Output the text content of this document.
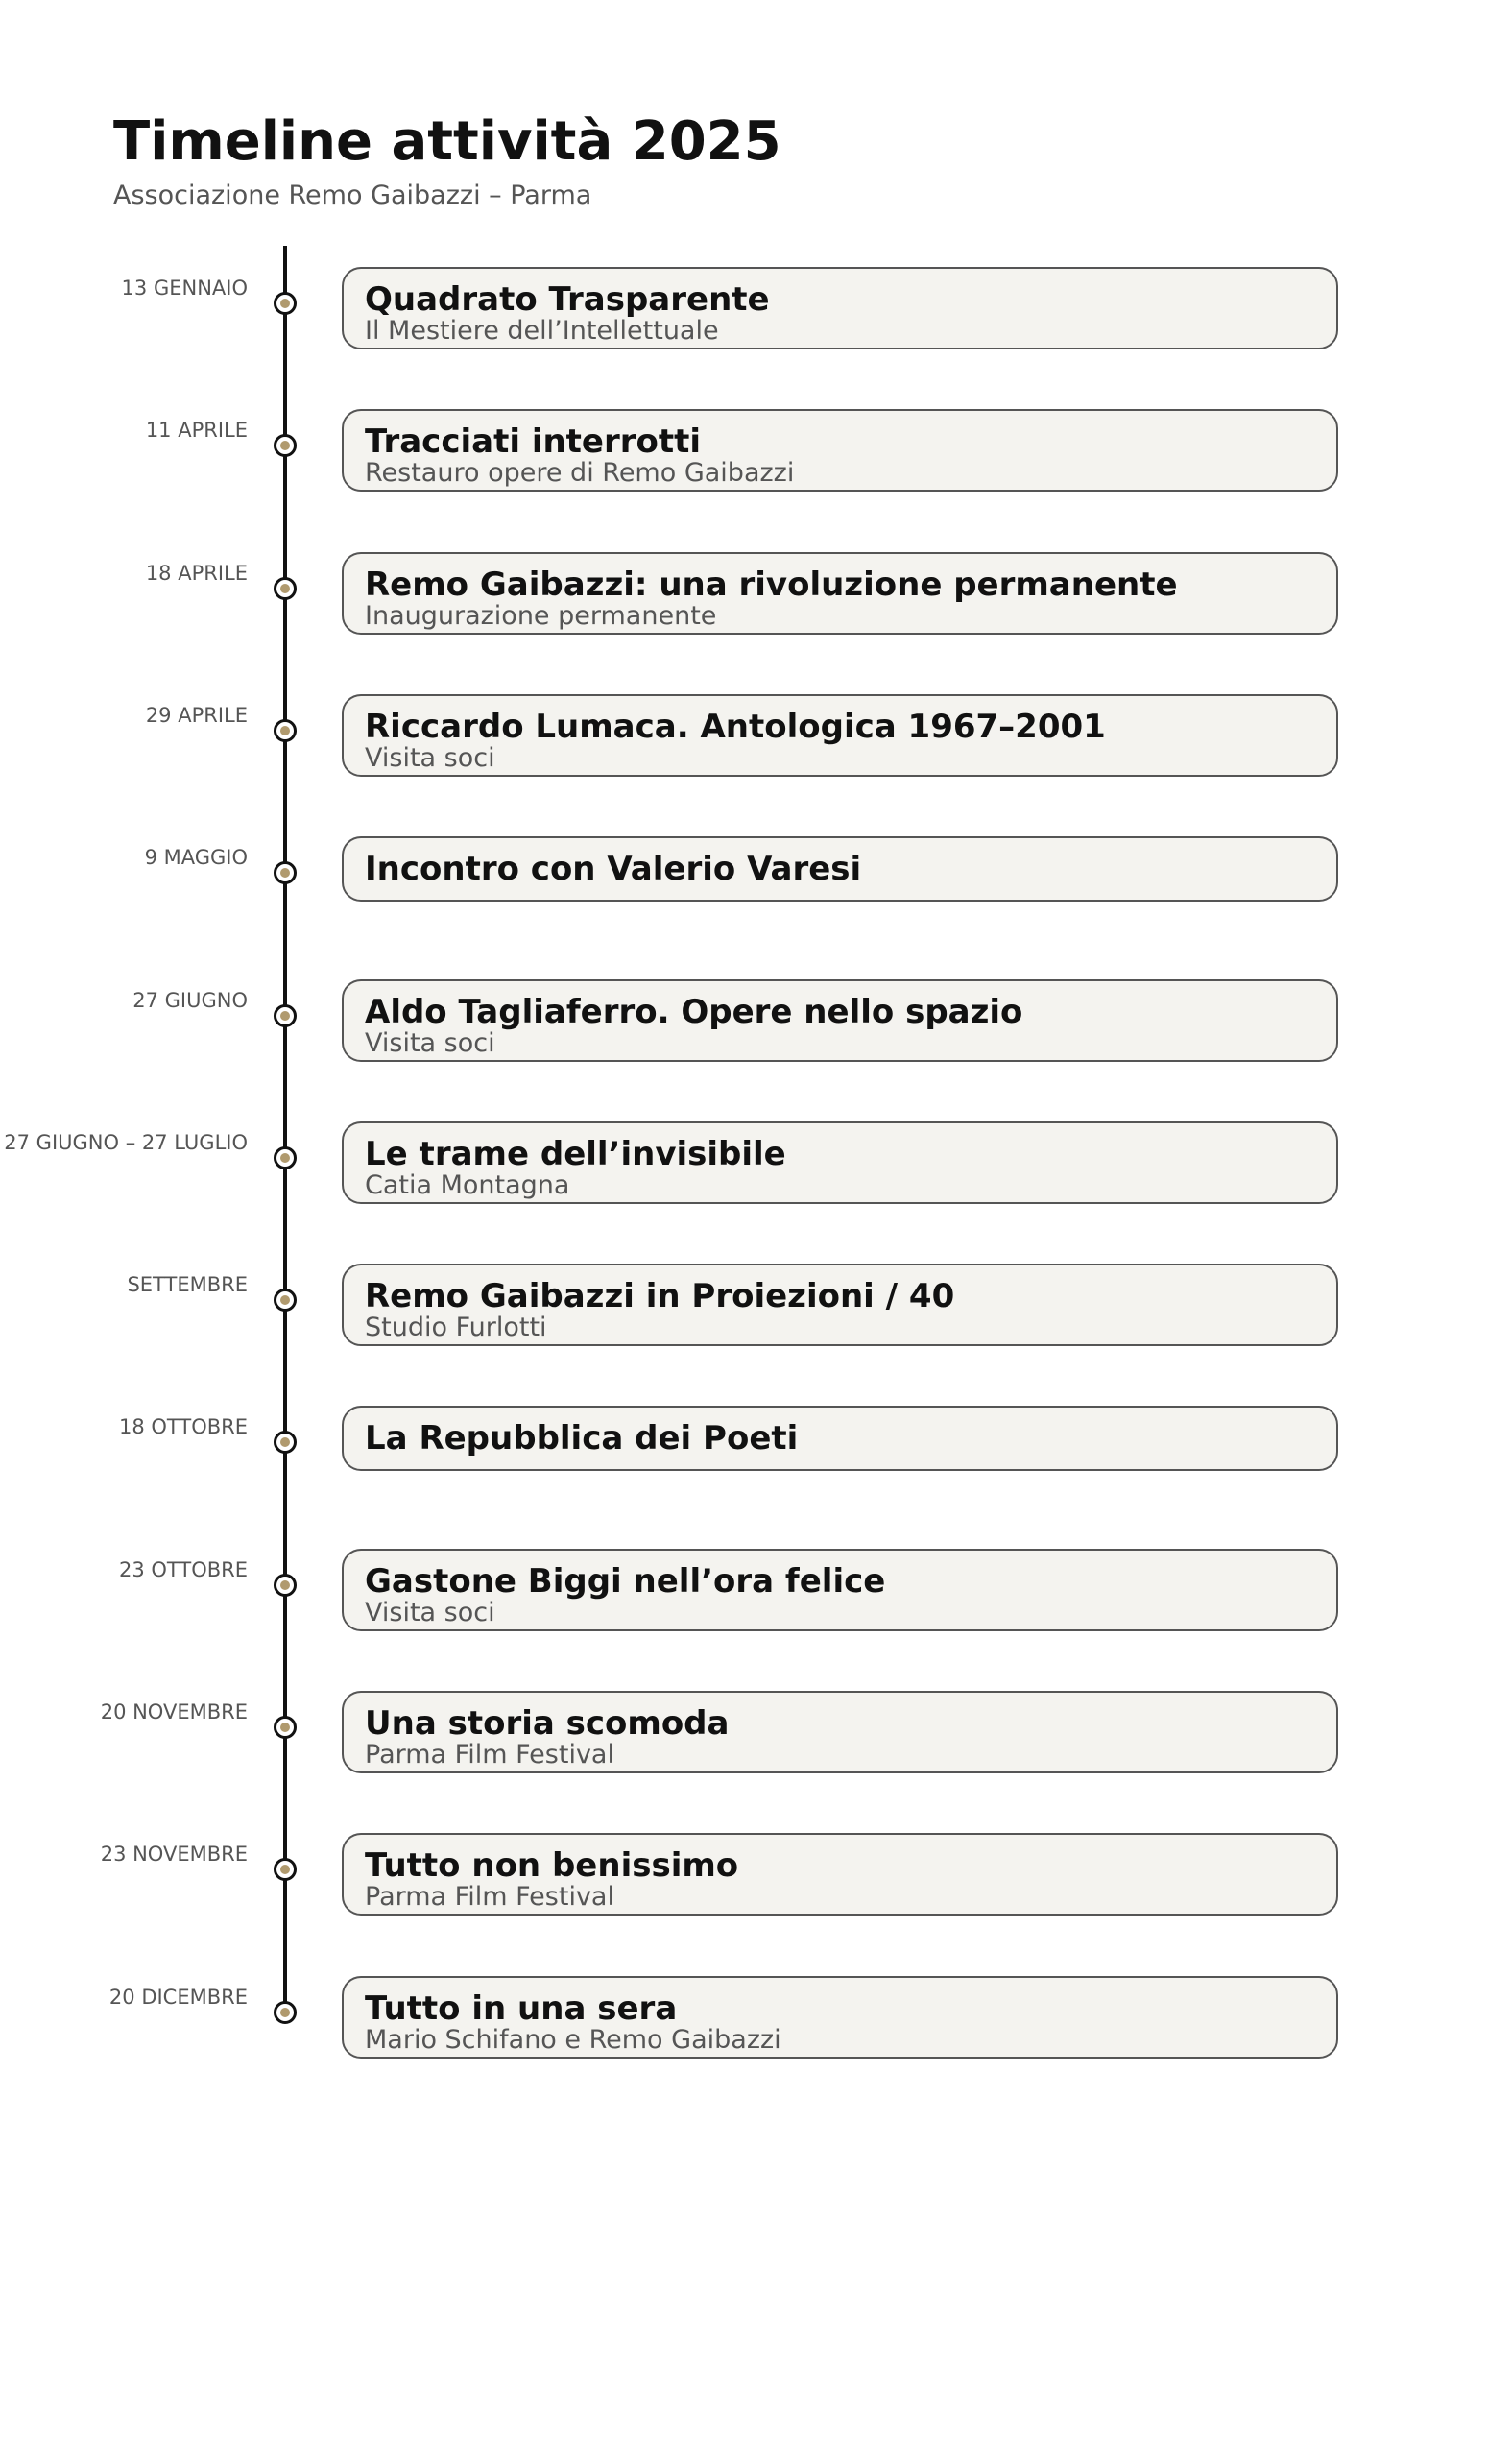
Timeline attività 2025
Associazione Remo Gaibazzi – Parma
13 GENNAIO	Quadrato Trasparente
Il Mestiere dell’Intellettuale
11 APRILE	Tracciati interrotti
Restauro opere di Remo Gaibazzi
18 APRILE	Remo Gaibazzi: una rivoluzione permanente
Inaugurazione permanente
29 APRILE	Riccardo Lumaca. Antologica 1967–2001
Visita soci
9 MAGGIO	Incontro con Valerio Varesi
27 GIUGNO	Aldo Tagliaferro. Opere nello spazio
Visita soci
27 GIUGNO – 27 LUGLIO	Le trame dell’invisibile
Catia Montagna
SETTEMBRE	Remo Gaibazzi in Proiezioni / 40
Studio Furlotti
18 OTTOBRE	La Repubblica dei Poeti
23 OTTOBRE	Gastone Biggi nell’ora felice
Visita soci
20 NOVEMBRE	Una storia scomoda
Parma Film Festival
23 NOVEMBRE	Tutto non benissimo
Parma Film Festival
20 DICEMBRE	Tutto in una sera
Mario Schifano e Remo Gaibazzi
